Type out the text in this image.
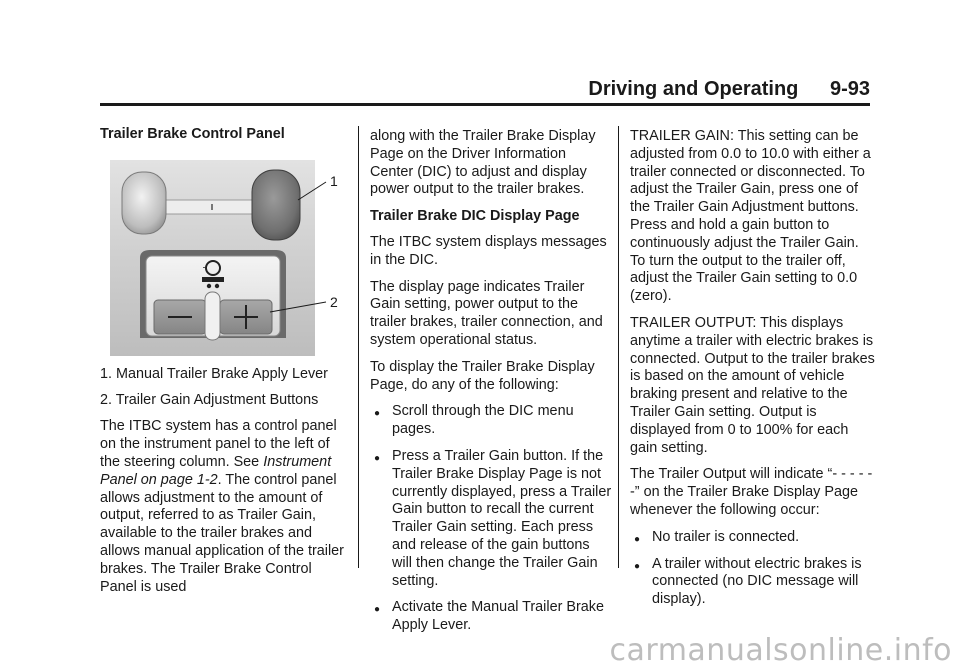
Driving and Operating 9-93
Trailer Brake Control Panel
1
2
1. Manual Trailer Brake Apply Lever
2. Trailer Gain Adjustment Buttons

The ITBC system has a control panel on the instrument panel to the left of the steering column. See Instrument Panel on page 1-2. The control panel allows adjustment to the amount of output, referred to as Trailer Gain, available to the trailer brakes and allows manual application of the trailer brakes. The Trailer Brake Control Panel is used

along with the Trailer Brake Display Page on the Driver Information Center (DIC) to adjust and display power output to the trailer brakes.

Trailer Brake DIC Display Page

The ITBC system displays messages in the DIC.

The display page indicates Trailer Gain setting, power output to the trailer brakes, trailer connection, and system operational status.

To display the Trailer Brake Display Page, do any of the following:

● Scroll through the DIC menu pages.
● Press a Trailer Gain button. If the Trailer Brake Display Page is not currently displayed, press a Trailer Gain button to recall the current Trailer Gain setting. Each press and release of the gain buttons will then change the Trailer Gain setting.
● Activate the Manual Trailer Brake Apply Lever.

TRAILER GAIN: This setting can be adjusted from 0.0 to 10.0 with either a trailer connected or disconnected. To adjust the Trailer Gain, press one of the Trailer Gain Adjustment buttons. Press and hold a gain button to continuously adjust the Trailer Gain. To turn the output to the trailer off, adjust the Trailer Gain setting to 0.0 (zero).

TRAILER OUTPUT: This displays anytime a trailer with electric brakes is connected. Output to the trailer brakes is based on the amount of vehicle braking present and relative to the Trailer Gain setting. Output is displayed from 0 to 100% for each gain setting.

The Trailer Output will indicate “- - - - - -” on the Trailer Brake Display Page whenever the following occur:

● No trailer is connected.
● A trailer without electric brakes is connected (no DIC message will display).
carmanualsonline.info
